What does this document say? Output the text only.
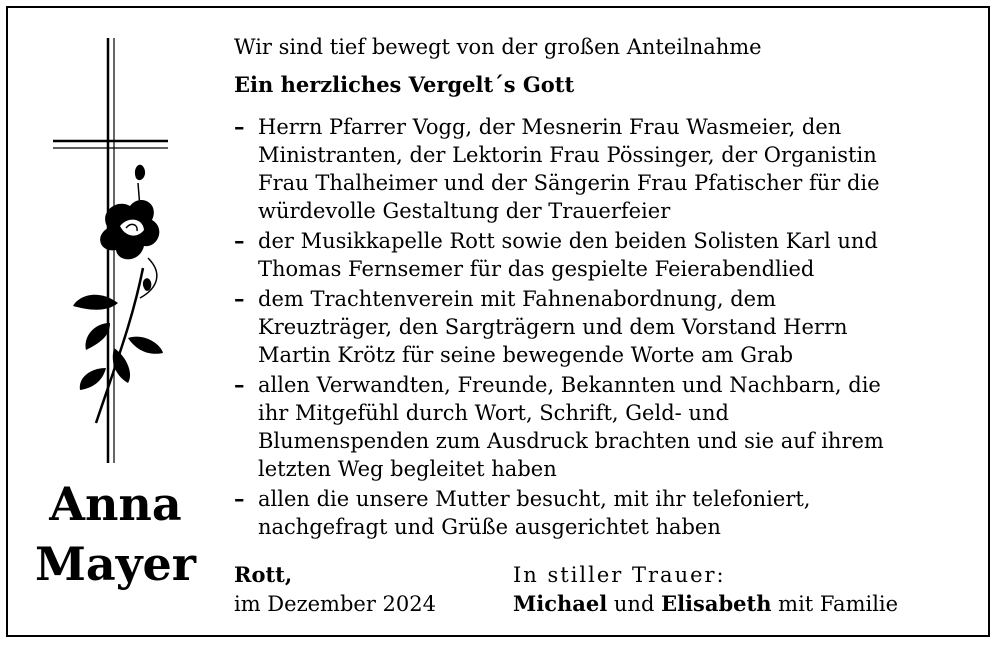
Anna
Mayer
Wir sind tief bewegt von der großen Anteilnahme
Ein herzliches Vergelt´s Gott
– Herrn Pfarrer Vogg, der Mesnerin Frau Wasmeier, den
Ministranten, der Lektorin Frau Pössinger, der Organistin
Frau Thalheimer und der Sängerin Frau Pfatischer für die
würdevolle Gestaltung der Trauerfeier
– der Musikkapelle Rott sowie den beiden Solisten Karl und
Thomas Fernsemer für das gespielte Feierabendlied
– dem Trachtenverein mit Fahnenabordnung, dem
Kreuzträger, den Sargträgern und dem Vorstand Herrn
Martin Krötz für seine bewegende Worte am Grab
– allen Verwandten, Freunde, Bekannten und Nachbarn, die
ihr Mitgefühl durch Wort, Schrift, Geld- und
Blumenspenden zum Ausdruck brachten und sie auf ihrem
letzten Weg begleitet haben
– allen die unsere Mutter besucht, mit ihr telefoniert,
nachgefragt und Grüße ausgerichtet haben
Rott,
im Dezember 2024
In stiller Trauer:
Michael und Elisabeth mit Familie
